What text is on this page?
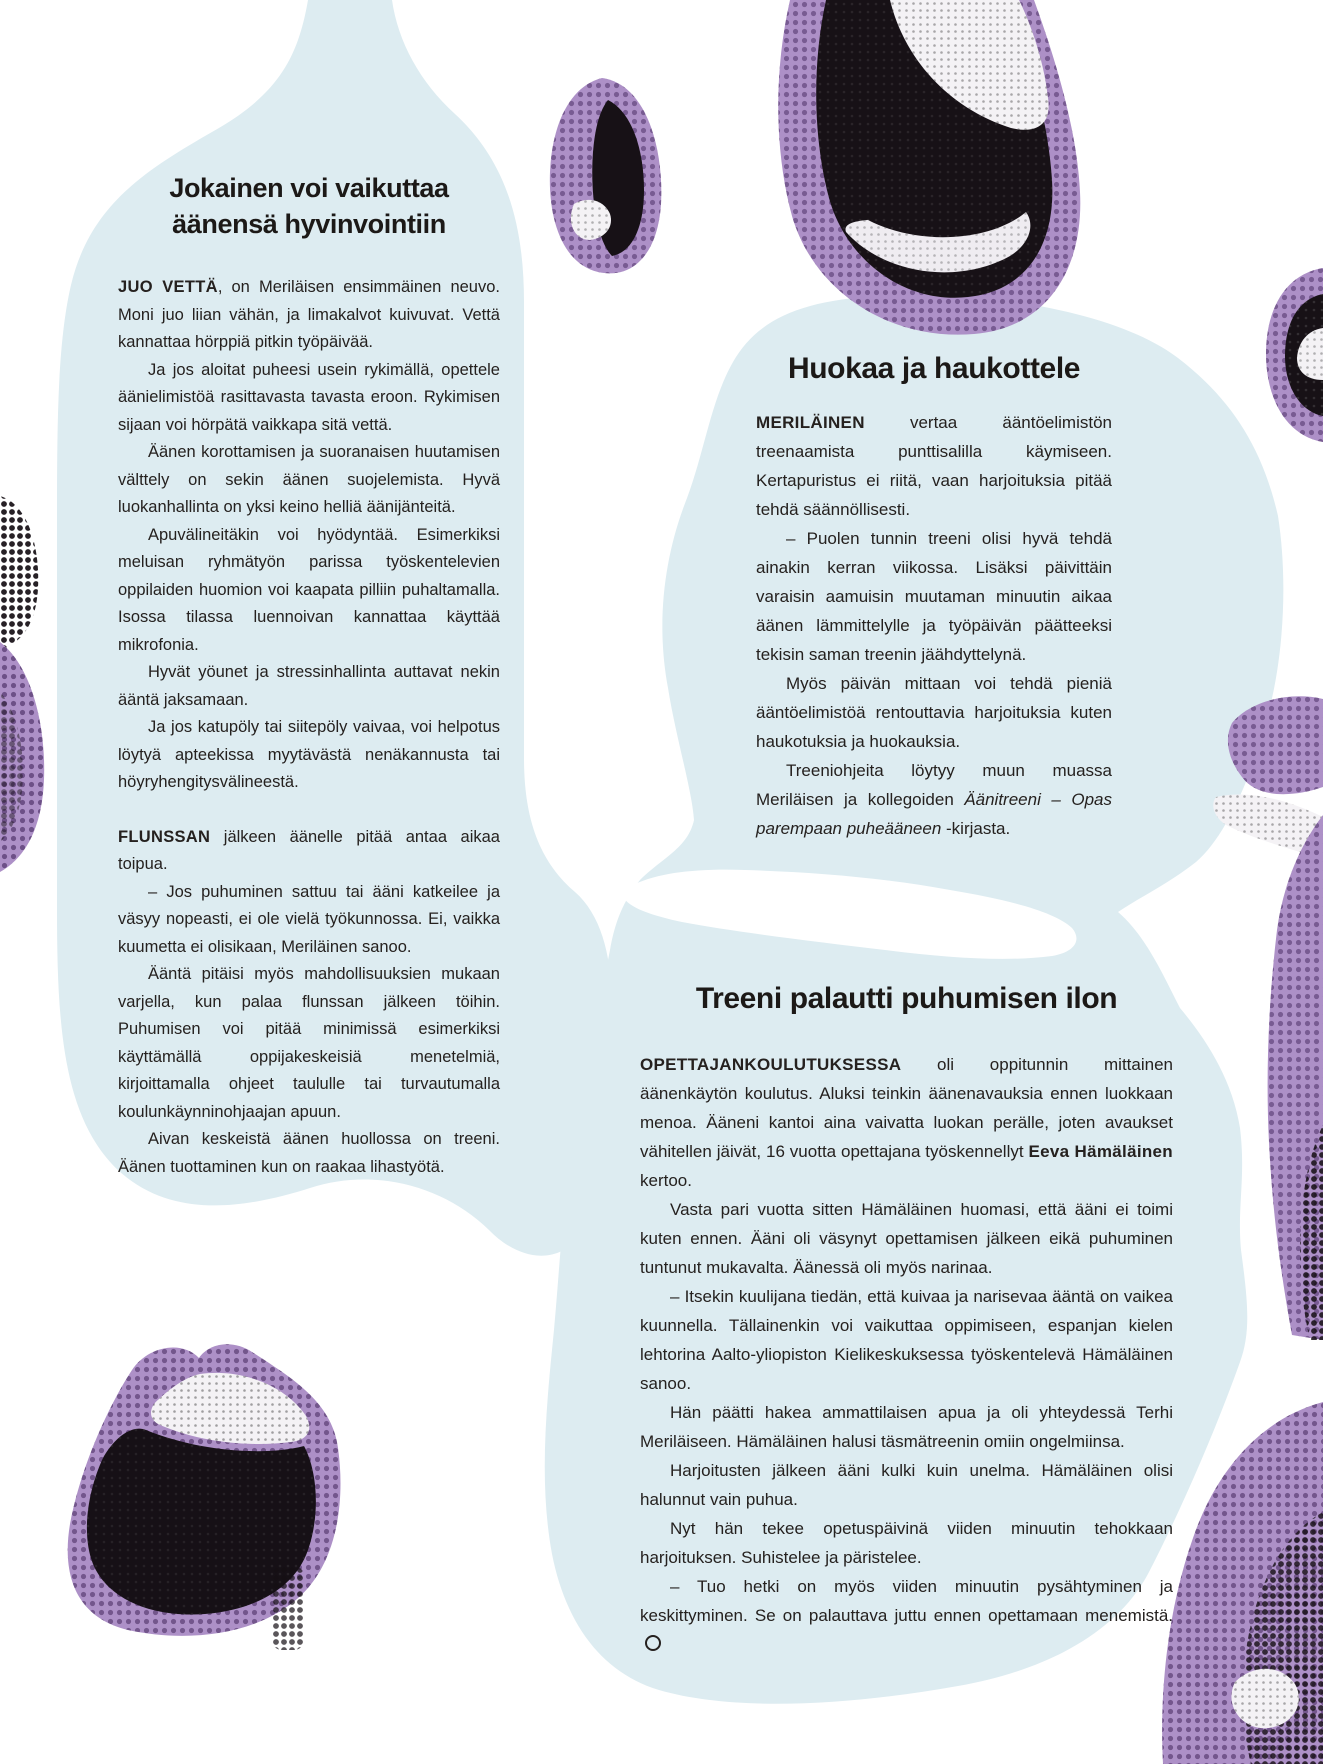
Jokainen voi vaikuttaa
äänensä hyvinvointiin

JUO VETTÄ, on Meriläisen ensimmäinen neuvo. Moni juo liian vähän, ja limakalvot kuivuvat. Vettä kannattaa hörppiä pitkin työpäivää.

Ja jos aloitat puheesi usein rykimällä, opettele äänielimistöä rasittavasta tavasta eroon. Rykimisen sijaan voi hörpätä vaikkapa sitä vettä.

Äänen korottamisen ja suoranaisen huutamisen välttely on sekin äänen suojelemista. Hyvä luokanhallinta on yksi keino helliä äänijänteitä.

Apuvälineitäkin voi hyödyntää. Esimerkiksi meluisan ryhmätyön parissa työskentelevien oppilaiden huomion voi kaapata pilliin puhaltamalla. Isossa tilassa luennoivan kannattaa käyttää mikrofonia.

Hyvät yöunet ja stressinhallinta auttavat nekin ääntä jaksamaan.

Ja jos katupöly tai siitepöly vaivaa, voi helpotus löytyä apteekissa myytävästä nenäkannusta tai höyryhengitysvälineestä.

FLUNSSAN jälkeen äänelle pitää antaa aikaa toipua.

– Jos puhuminen sattuu tai ääni katkeilee ja väsyy nopeasti, ei ole vielä työkunnossa. Ei, vaikka kuumetta ei olisikaan, Meriläinen sanoo.

Ääntä pitäisi myös mahdollisuuksien mukaan varjella, kun palaa flunssan jälkeen töihin. Puhumisen voi pitää minimissä esimerkiksi käyttämällä oppijakeskeisiä menetelmiä, kirjoittamalla ohjeet taululle tai turvautumalla koulunkäynninohjaajan apuun.

Aivan keskeistä äänen huollossa on treeni. Äänen tuottaminen kun on raakaa lihastyötä.

Huokaa ja haukottele

MERILÄINEN vertaa ääntöelimistön treenaamista punttisalilla käymiseen. Kertapuristus ei riitä, vaan harjoituksia pitää tehdä säännöllisesti.

– Puolen tunnin treeni olisi hyvä tehdä ainakin kerran viikossa. Lisäksi päivittäin varaisin aamuisin muutaman minuutin aikaa äänen lämmittelylle ja työpäivän päätteeksi tekisin saman treenin jäähdyttelynä.

Myös päivän mittaan voi tehdä pieniä ääntöelimistöä rentouttavia harjoituksia kuten haukotuksia ja huokauksia.

Treeniohjeita löytyy muun muassa Meriläisen ja kollegoiden Äänitreeni – Opas parempaan puheääneen -kirjasta.

Treeni palautti puhumisen ilon

OPETTAJANKOULUTUKSESSA oli oppitunnin mittainen äänenkäytön koulutus. Aluksi teinkin äänenavauksia ennen luokkaan menoa. Ääneni kantoi aina vaivatta luokan perälle, joten avaukset vähitellen jäivät, 16 vuotta opettajana työskennellyt Eeva Hämäläinen kertoo.

Vasta pari vuotta sitten Hämäläinen huomasi, että ääni ei toimi kuten ennen. Ääni oli väsynyt opettamisen jälkeen eikä puhuminen tuntunut mukavalta. Äänessä oli myös narinaa.

– Itsekin kuulijana tiedän, että kuivaa ja narisevaa ääntä on vaikea kuunnella. Tällainenkin voi vaikuttaa oppimiseen, espanjan kielen lehtorina Aalto-yliopiston Kielikeskuksessa työskentelevä Hämäläinen sanoo.

Hän päätti hakea ammattilaisen apua ja oli yhteydessä Terhi Meriläiseen. Hämäläinen halusi täsmätreenin omiin ongelmiinsa.

Harjoitusten jälkeen ääni kulki kuin unelma. Hämäläinen olisi halunnut vain puhua.

Nyt hän tekee opetuspäivinä viiden minuutin tehokkaan harjoituksen. Suhistelee ja päristelee.

– Tuo hetki on myös viiden minuutin pysähtyminen ja keskittyminen. Se on palauttava juttu ennen opettamaan menemistä.
